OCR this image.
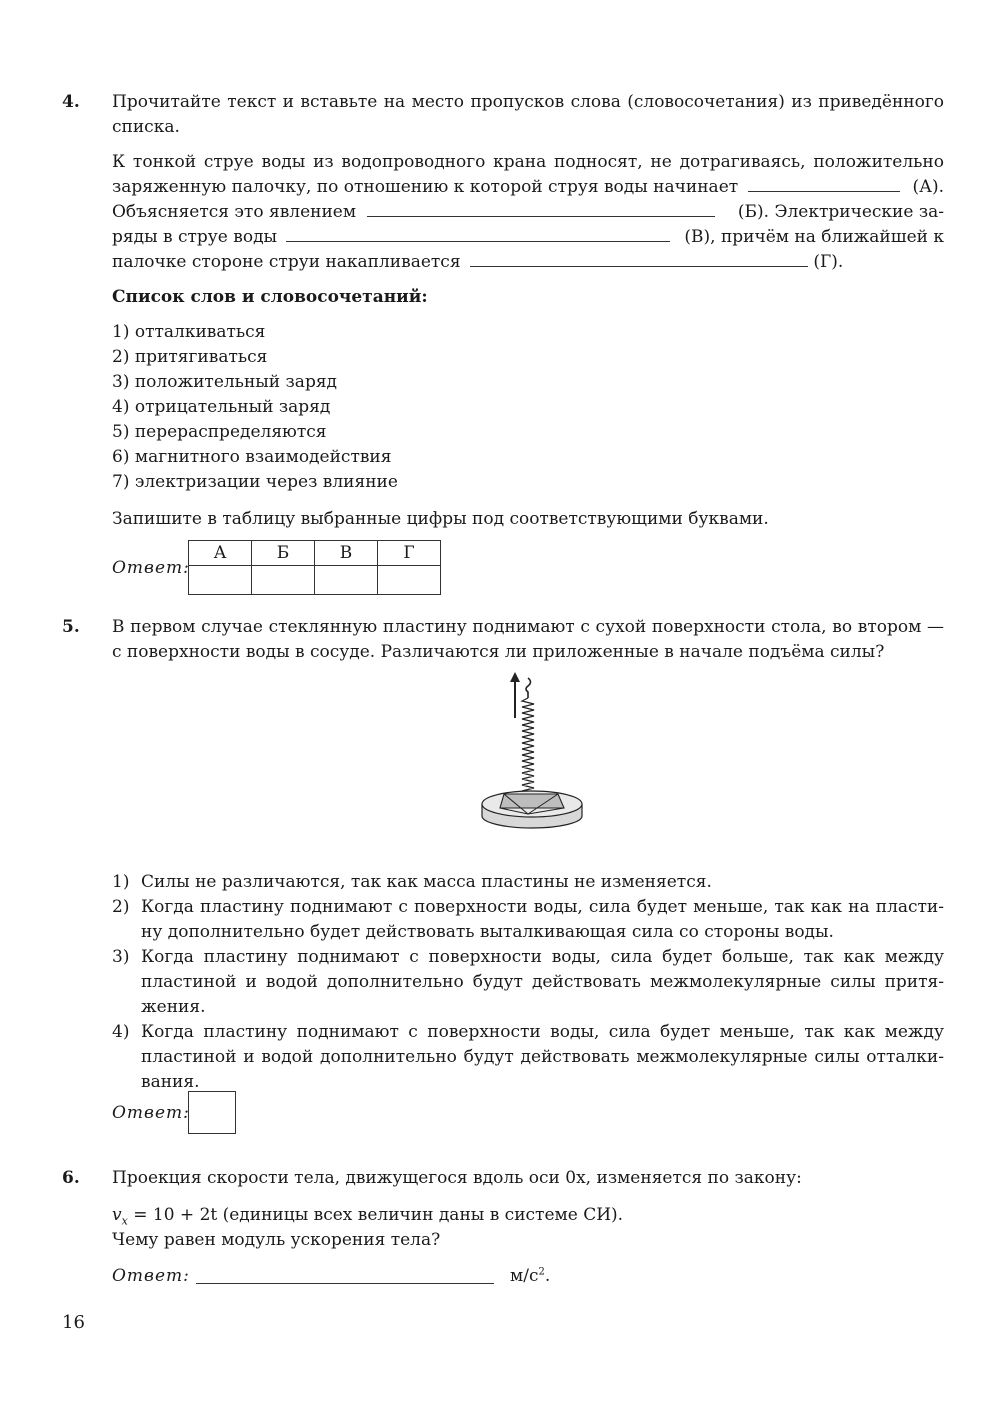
4. Прочитайте текст и вставьте на место пропусков слова (словосочетания) из приведённого
списка.
К тонкой струе воды из водопроводного крана подносят, не дотрагиваясь, положительно
заряженную палочку, по отношению к которой струя воды начинает	(А).
Объясняется это явлением	(Б). Электрические за-
ряды в струе воды	(В), причём на ближайшей к
палочке стороне струи накапливается	(Г).
Список слов и словосочетаний:
1) отталкиваться
2) притягиваться
3) положительный заряд
4) отрицательный заряд
5) перераспределяются
6) магнитного взаимодействия
7) электризации через влияние
Запишите в таблицу выбранные цифры под соответствующими буквами.
Ответ:
А	Б	В	Г

5. В первом случае стеклянную пластину поднимают с сухой поверхности стола, во втором —
с поверхности воды в сосуде. Различаются ли приложенные в начале подъёма силы?
1) Силы не различаются, так как масса пластины не изменяется.
2) Когда пластину поднимают с поверхности воды, сила будет меньше, так как на пласти-
ну дополнительно будет действовать выталкивающая сила со стороны воды.
3) Когда пластину поднимают с поверхности воды, сила будет больше, так как между
пластиной и водой дополнительно будут действовать межмолекулярные силы притя-
жения.
4) Когда пластину поднимают с поверхности воды, сила будет меньше, так как между
пластиной и водой дополнительно будут действовать межмолекулярные силы отталки-
вания.
Ответ:
6. Проекция скорости тела, движущегося вдоль оси 0x, изменяется по закону:
$v_x = 10 + 2t$ (единицы всех величин даны в системе СИ).
Чему равен модуль ускорения тела?
Ответ:	$м/с^2$.
16
